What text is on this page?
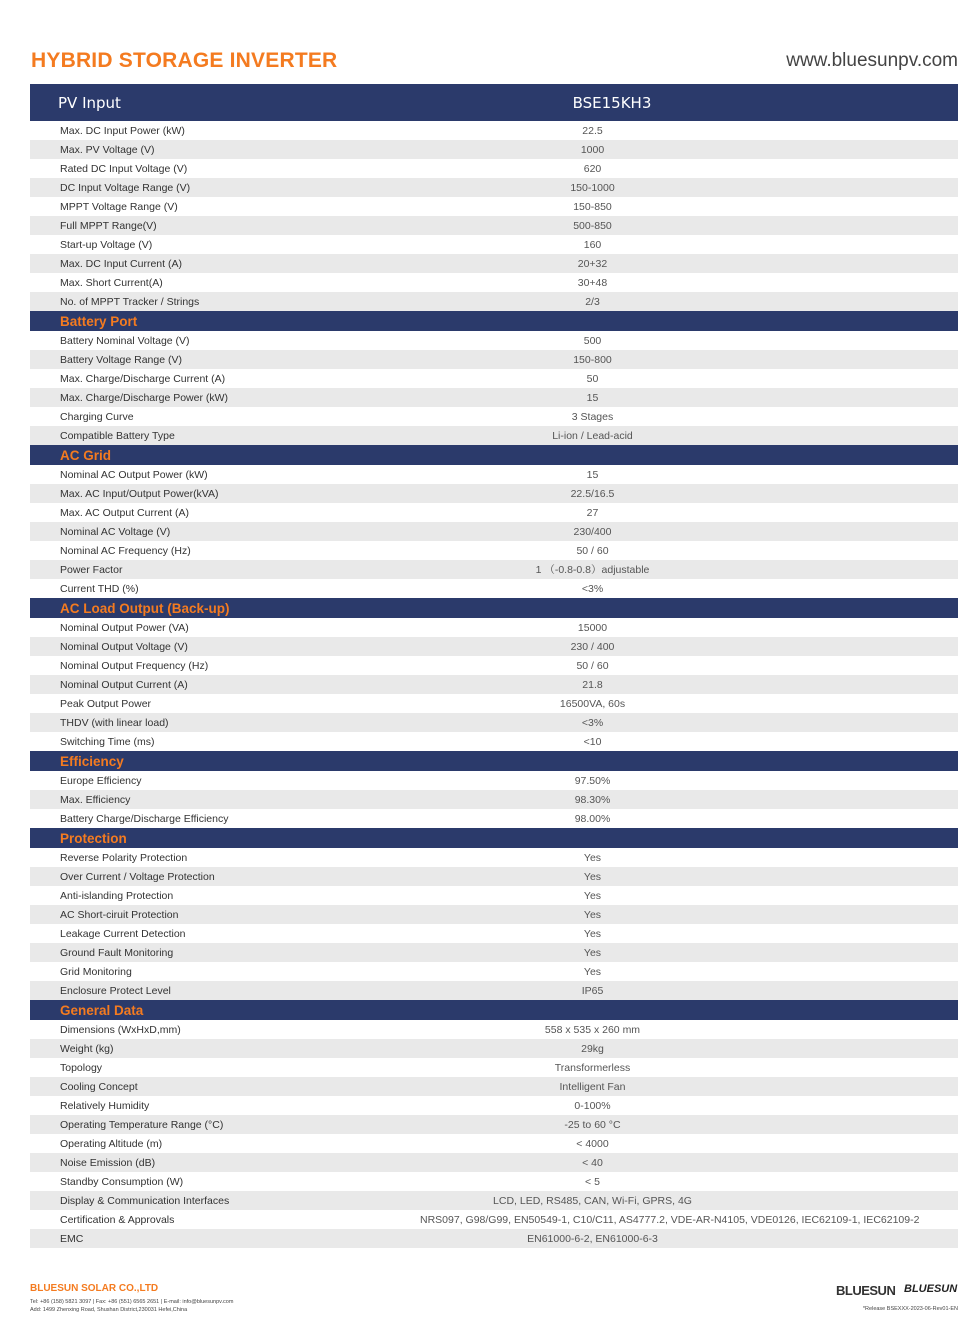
HYBRID STORAGE INVERTER	www.bluesunpv.com
PV Input	BSE15KH3
Max. DC Input Power (kW)	22.5
Max. PV Voltage (V)	1000
Rated DC Input Voltage (V)	620
DC Input Voltage Range (V)	150-1000
MPPT Voltage Range (V)	150-850
Full MPPT Range(V)	500-850
Start-up Voltage (V)	160
Max. DC Input Current (A)	20+32
Max. Short Current(A)	30+48
No. of MPPT Tracker / Strings	2/3
Battery Port
Battery Nominal Voltage (V)	500
Battery Voltage Range (V)	150-800
Max. Charge/Discharge Current (A)	50
Max. Charge/Discharge Power (kW)	15
Charging Curve	3 Stages
Compatible Battery Type	Li-ion / Lead-acid
AC Grid
Nominal AC Output Power (kW)	15
Max. AC Input/Output Power(kVA)	22.5/16.5
Max. AC Output Current (A)	27
Nominal AC Voltage (V)	230/400
Nominal AC Frequency (Hz)	50 / 60
Power Factor	1 （-0.8-0.8）adjustable
Current THD (%)	<3%
AC Load Output (Back-up)
Nominal Output Power (VA)	15000
Nominal Output Voltage (V)	230 / 400
Nominal Output Frequency (Hz)	50 / 60
Nominal Output Current (A)	21.8
Peak Output Power	16500VA, 60s
THDV (with linear load)	<3%
Switching Time (ms)	<10
Efficiency
Europe Efficiency	97.50%
Max. Efficiency	98.30%
Battery Charge/Discharge Efficiency	98.00%
Protection
Reverse Polarity Protection	Yes
Over Current / Voltage Protection	Yes
Anti-islanding Protection	Yes
AC Short-ciruit Protection	Yes
Leakage Current Detection	Yes
Ground Fault Monitoring	Yes
Grid Monitoring	Yes
Enclosure Protect Level	IP65
General Data
Dimensions (WxHxD,mm)	558 x 535 x 260 mm
Weight (kg)	29kg
Topology	Transformerless
Cooling Concept	Intelligent Fan
Relatively Humidity	0-100%
Operating Temperature Range (°C)	-25 to 60 °C
Operating Altitude (m)	< 4000
Noise Emission (dB)	< 40
Standby Consumption (W)	< 5
Display & Communication Interfaces	LCD, LED, RS485, CAN, Wi-Fi, GPRS, 4G
Certification & Approvals	NRS097, G98/G99, EN50549-1, C10/C11, AS4777.2, VDE-AR-N4105, VDE0126, IEC62109-1, IEC62109-2
EMC	EN61000-6-2, EN61000-6-3
BLUESUN SOLAR CO.,LTD
Tel: +86 (158) 5821 3097 | Fax: +86 (551) 6565 2651 | E-mail: info@bluesunpv.com
Add: 1499 Zhenxing Road, Shushan District,230031 Hefei,China
BLUESUN BLUESUN
*Release BSEXXX-2023-06-Rev01-EN
